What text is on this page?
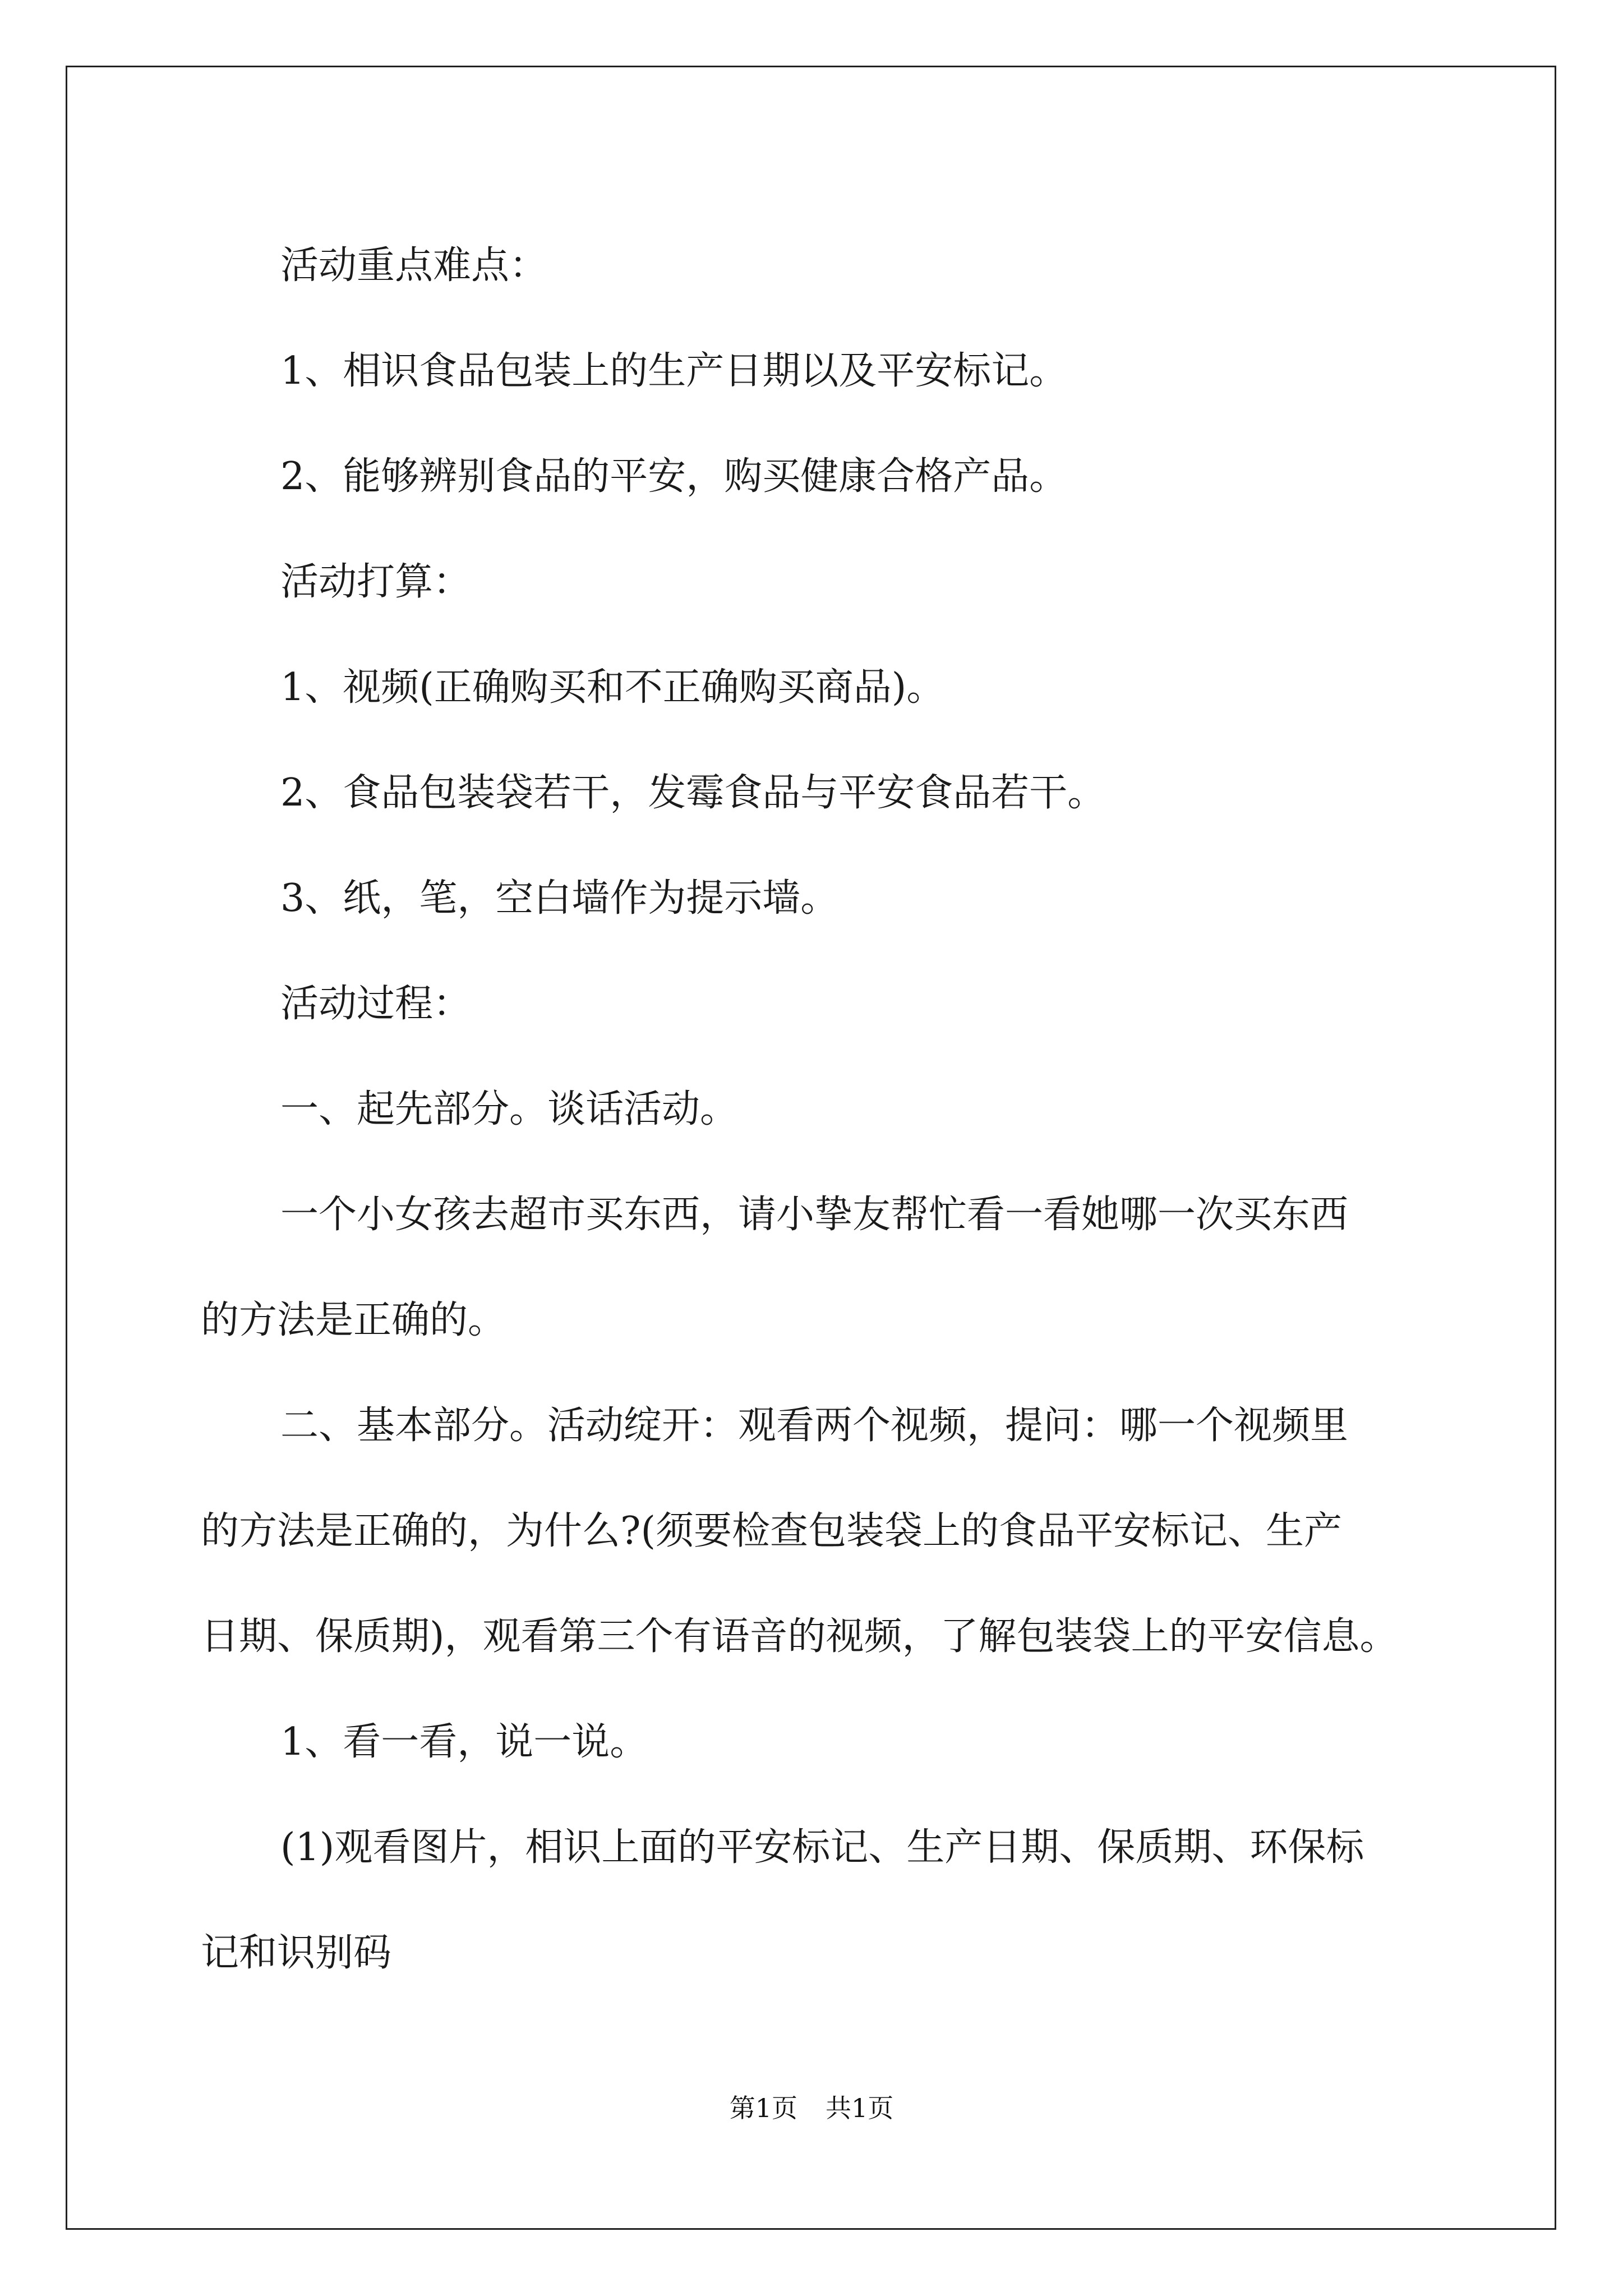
活动重点难点：

1、相识食品包装上的生产日期以及平安标记。

2、能够辨别食品的平安，购买健康合格产品。

活动打算：

1、视频(正确购买和不正确购买商品)。

2、食品包装袋若干，发霉食品与平安食品若干。

3、纸，笔，空白墙作为提示墙。

活动过程：

一、起先部分。谈话活动。

一个小女孩去超市买东西，请小挚友帮忙看一看她哪一次买东西

的方法是正确的。

二、基本部分。活动绽开：观看两个视频，提问：哪一个视频里

的方法是正确的，为什么?(须要检查包装袋上的食品平安标记、生产

日期、保质期)，观看第三个有语音的视频，了解包装袋上的平安信息。

1、看一看，说一说。

(1)观看图片，相识上面的平安标记、生产日期、保质期、环保标

记和识别码

第1页 共1页
